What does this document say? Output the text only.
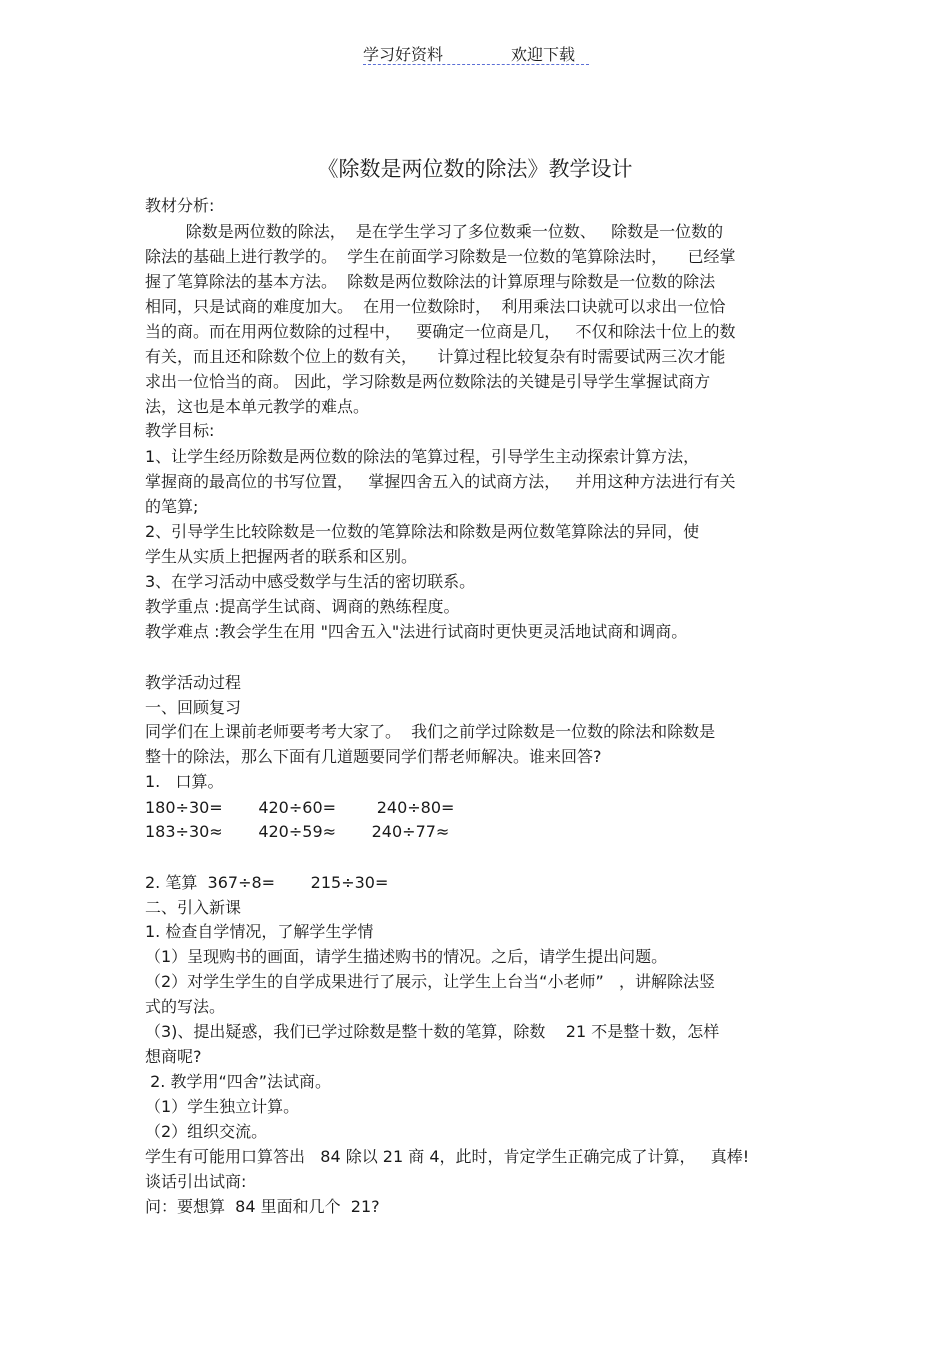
学习好资料	欢迎下载
《除数是两位数的除法》教学设计
教材分析:
除数是两位数的除法，  是在学生学习了多位数乘一位数、   除数是一位数的
除法的基础上进行教学的。  学生在前面学习除数是一位数的笔算除法时，    已经掌
握了笔算除法的基本方法。  除数是两位数除法的计算原理与除数是一位数的除法
相同，只是试商的难度加大。  在用一位数除时，  利用乘法口诀就可以求出一位恰
当的商。而在用两位数除的过程中，   要确定一位商是几，   不仅和除法十位上的数
有关，而且还和除数个位上的数有关，    计算过程比较复杂有时需要试两三次才能
求出一位恰当的商。 因此，学习除数是两位数除法的关键是引导学生掌握试商方
法，这也是本单元教学的难点。
教学目标:
1、让学生经历除数是两位数的除法的笔算过程，引导学生主动探索计算方法，
掌握商的最高位的书写位置，   掌握四舍五入的试商方法，   并用这种方法进行有关
的笔算;
2、引导学生比较除数是一位数的笔算除法和除数是两位数笔算除法的异同，使
学生从实质上把握两者的联系和区别。
3、在学习活动中感受数学与生活的密切联系。
教学重点 :提高学生试商、调商的熟练程度。
教学难点 :教会学生在用 "四舍五入"法进行试商时更快更灵活地试商和调商。
教学活动过程
一、回顾复习
同学们在上课前老师要考考大家了。  我们之前学过除数是一位数的除法和除数是
整十的除法，那么下面有几道题要同学们帮老师解决。谁来回答?
1.   口算。
180÷30=       420÷60=        240÷80=
183÷30≈       420÷59≈       240÷77≈
2. 笔算  367÷8=       215÷30=
二、引入新课
1. 检查自学情况，了解学生学情
（1）呈现购书的画面，请学生描述购书的情况。之后，请学生提出问题。
（2）对学生学生的自学成果进行了展示，让学生上台当“小老师”   ，讲解除法竖
式的写法。
（3)、提出疑惑，我们已学过除数是整十数的笔算，除数    21 不是整十数，怎样
想商呢?
2. 教学用“四舍”法试商。
（1）学生独立计算。
（2）组织交流。
学生有可能用口算答出   84 除以 21 商 4，此时，肯定学生正确完成了计算，   真棒!
谈话引出试商:
问：要想算  84 里面和几个  21?
